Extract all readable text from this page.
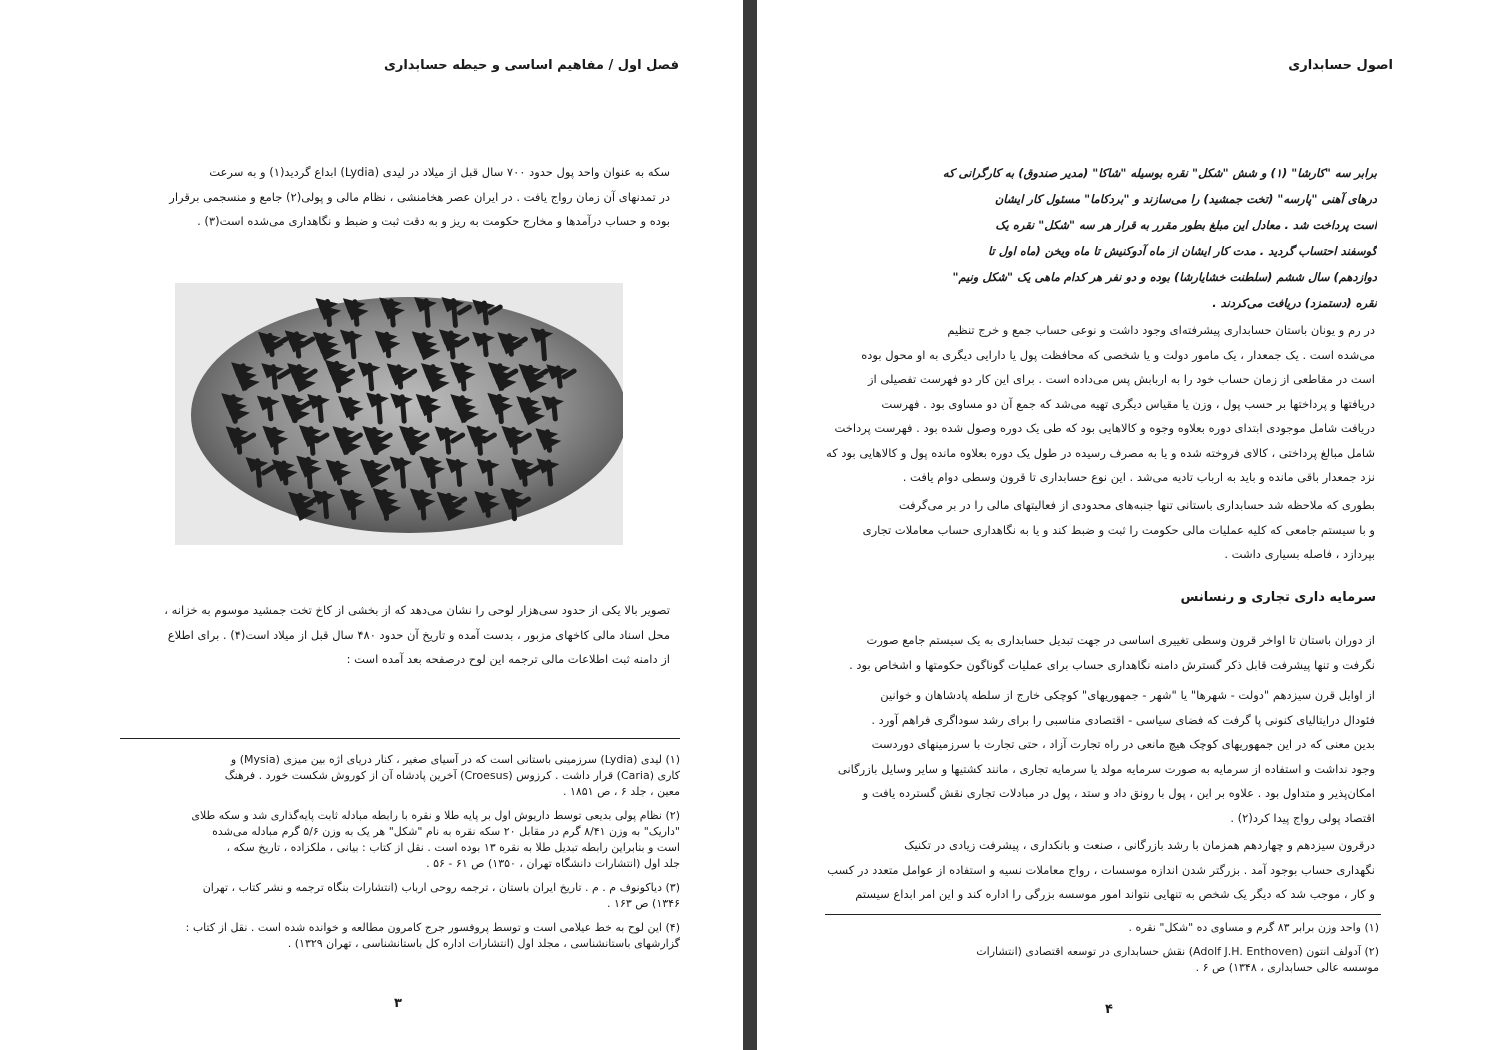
فصل اول / مفاهیم اساسی و حیطه حسابداری
سکه به عنوان واحد پول حدود ۷۰۰ سال قبل از میلاد در لیدی (Lydia) ابداع گردید(۱) و به سرعت
در تمدنهای آن زمان رواج یافت . در ایران عصر هخامنشی ، نظام مالی و پولی(۲) جامع و منسجمی برقرار
بوده و حساب درآمدها و مخارج حکومت به ریز و به دقت ثبت و ضبط و نگاهداری می‌شده است(۳) .
تصویر بالا یکی از حدود سی‌هزار لوحی را نشان می‌دهد که از بخشی از کاخ تخت جمشید موسوم به خزانه ،
محل اسناد مالی کاخهای مزبور ، بدست آمده و تاریخ آن حدود ۴۸۰ سال قبل از میلاد است(۴) . برای اطلاع
از دامنه ثبت اطلاعات مالی ترجمه این لوح درصفحه بعد آمده است :
(۱) لیدی (Lydia) سرزمینی باستانی است که در آسیای صغیر ، کنار دریای اژه بین میزی (Mysia) و
کاری (Caria) قرار داشت . کرزوس (Croesus) آخرین پادشاه آن از کوروش شکست خورد . فرهنگ
معین ، جلد ۶ ، ص ۱۸۵۱ .
(۲) نظام پولی بدیعی توسط داریوش اول بر پایه طلا و نقره با رابطه مبادله ثابت پایه‌گذاری شد و سکه طلای
"داریک" به وزن ۸/۴۱ گرم در مقابل ۲۰ سکه نقره به نام "شکل" هر یک به وزن ۵/۶ گرم مبادله می‌شده
است و بنابراین رابطه تبدیل طلا به نقره ۱۳ بوده است . نقل از کتاب : بیانی ، ملکزاده ، تاریخ سکه ،
جلد اول (انتشارات دانشگاه تهران ، ۱۳۵۰) ص ۶۱ - ۵۶ .
(۳) دیاکونوف م . م . تاریخ ایران باستان ، ترجمه روحی ارباب (انتشارات بنگاه ترجمه و نشر کتاب ، تهران
۱۳۴۶) ص ۱۶۳ .
(۴) این لوح به خط عیلامی است و توسط پروفسور جرج کامرون مطالعه و خوانده شده است . نقل از کتاب :
گزارشهای باستانشناسی ، مجلد اول (انتشارات اداره کل باستانشناسی ، تهران ۱۳۲۹) .
۳
اصول حسابداری
برابر سه "کارشا" (۱) و شش "شکل" نقره بوسیله "شاکا" (مدیر صندوق) به کارگرانی که
درهای آهنی "پارسه" (تخت جمشید) را می‌سازند و "بردکاما" مسئول کار ایشان
است پرداخت شد . معادل این مبلغ بطور مقرر به قرار هر سه "شکل" نقره یک
گوسفند احتساب گردید . مدت کار ایشان از ماه آدوکنیش تا ماه ویخن (ماه اول تا
دوازدهم) سال ششم (سلطنت خشایارشا) بوده و دو نفر هر کدام ماهی یک "شکل ونیم"
نقره (دستمزد) دریافت می‌کردند .
در رم و یونان باستان حسابداری پیشرفته‌ای وجود داشت و نوعی حساب جمع و خرج تنظیم
می‌شده است . یک جمعدار ، یک مامور دولت و یا شخصی که محافظت پول یا دارایی دیگری به او محول بوده
است در مقاطعی از زمان حساب خود را به اربابش پس می‌داده است . برای این کار دو فهرست تفصیلی از
دریافتها و پرداختها بر حسب پول ، وزن یا مقیاس دیگری تهیه می‌شد که جمع آن دو مساوی بود . فهرست
دریافت شامل موجودی ابتدای دوره بعلاوه وجوه و کالاهایی بود که طی یک دوره وصول شده بود . فهرست پرداخت
شامل مبالغ پرداختی ، کالای فروخته شده و یا به مصرف رسیده در طول یک دوره بعلاوه مانده پول و کالاهایی بود که
نزد جمعدار باقی مانده و باید به ارباب تادیه می‌شد . این نوع حسابداری تا قرون وسطی دوام یافت .
بطوری که ملاحظه شد حسابداری باستانی تنها جنبه‌های محدودی از فعالیتهای مالی را در بر می‌گرفت
و با سیستم جامعی که کلیه عملیات مالی حکومت را ثبت و ضبط کند و یا به نگاهداری حساب معاملات تجاری
بپردازد ، فاصله بسیاری داشت .
سرمایه داری تجاری و رنسانس
از دوران باستان تا اواخر قرون وسطی تغییری اساسی در جهت تبدیل حسابداری به یک سیستم جامع صورت
نگرفت و تنها پیشرفت قابل ذکر گسترش دامنه نگاهداری حساب برای عملیات گوناگون حکومتها و اشخاص بود .
از اوایل قرن سیزدهم "دولت - شهرها" یا "شهر - جمهوریهای" کوچکی خارج از سلطه پادشاهان و خوانین
فئودال درایتالیای کنونی پا گرفت که فضای سیاسی - اقتصادی مناسبی را برای رشد سوداگری فراهم آورد .
بدین معنی که در این جمهوریهای کوچک هیچ مانعی در راه تجارت آزاد ، حتی تجارت با سرزمینهای دوردست
وجود نداشت و استفاده از سرمایه به صورت سرمایه مولد یا سرمایه تجاری ، مانند کشتیها و سایر وسایل بازرگانی
امکان‌پذیر و متداول بود . علاوه بر این ، پول با رونق داد و ستد ، پول در مبادلات تجاری نقش گسترده یافت و
اقتصاد پولی رواج پیدا کرد(۲) .
درقرون سیزدهم و چهاردهم همزمان با رشد بازرگانی ، صنعت و بانکداری ، پیشرفت زیادی در تکنیک
نگهداری حساب بوجود آمد . بزرگتر شدن اندازه موسسات ، رواج معاملات نسیه و استفاده از عوامل متعدد در کسب
و کار ، موجب شد که دیگر یک شخص به تنهایی نتواند امور موسسه بزرگی را اداره کند و این امر ابداع سیستم
(۱) واحد وزن برابر ۸۳ گرم و مساوی ده "شکل" نقره .
(۲) آدولف انتون (Adolf J.H. Enthoven) نقش حسابداری در توسعه اقتصادی (انتشارات
موسسه عالی حسابداری ، ۱۳۴۸) ص ۶ .
۴
